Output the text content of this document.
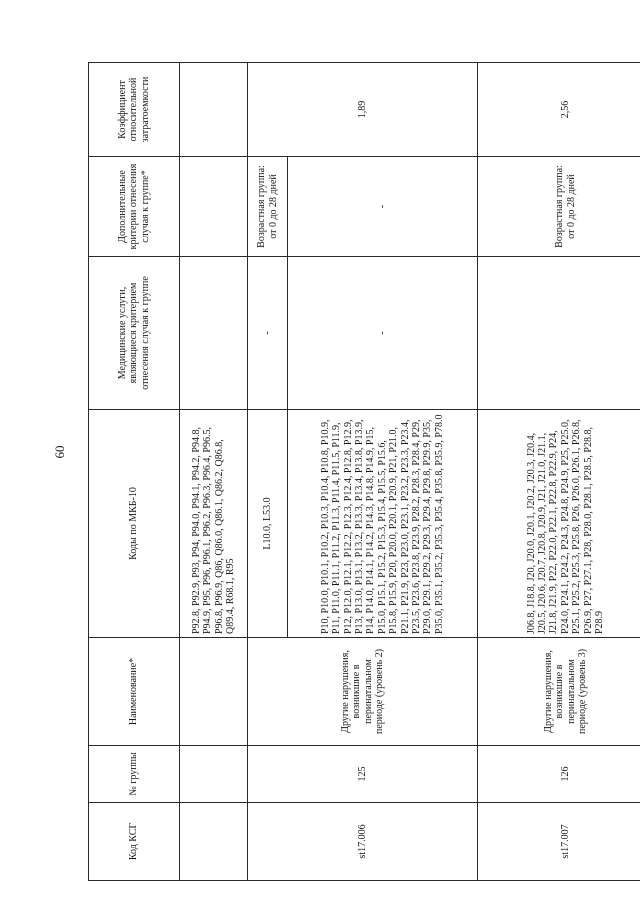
60
Код КСГ	№ группы	Наименование*	Коды по МКБ-10	Медицинские услуги, являющиеся критерием отнесения случая к группе	Дополнительные критерии отнесения случая к группе*	Коэффициент относительной затратоемкости
			P92.8, P92.9, P93, P94, P94.0, P94.1, P94.2, P94.8, P94.9, P95, P96, P96.1, P96.2, P96.3, P96.4, P96.5, P96.8, P96.9, Q86, Q86.0, Q86.1, Q86.2, Q86.8, Q89.4, R68.1, R95			
st17.006	125	Другие нарушения, возникшие в перинатальном периоде (уровень 2)	L10.0, L53.0	-	Возрастная группа: от 0 до 28 дней	1,89
			P10, P10.0, P10.1, P10.2, P10.3, P10.4, P10.8, P10.9, P11, P11.0, P11.1, P11.2, P11.3, P11.4, P11.5, P11.9, P12, P12.0, P12.1, P12.2, P12.3, P12.4, P12.8, P12.9, P13, P13.0, P13.1, P13.2, P13.3, P13.4, P13.8, P13.9, P14, P14.0, P14.1, P14.2, P14.3, P14.8, P14.9, P15, P15.0, P15.1, P15.2, P15.3, P15.4, P15.5, P15.6, P15.8, P15.9, P20, P20.0, P20.1, P20.9, P21, P21.0, P21.1, P21.9, P23, P23.0, P23.1, P23.2, P23.3, P23.4, P23.5, P23.6, P23.8, P23.9, P28.2, P28.3, P28.4, P29, P29.0, P29.1, P29.2, P29.3, P29.4, P29.8, P29.9, P35, P35.0, P35.1, P35.2, P35.3, P35.4, P35.8, P35.9, P78.0	-	-	
st17.007	126	Другие нарушения, возникшие в перинатальном периоде (уровень 3)	J06.8, J18.8, J20, J20.0, J20.1, J20.2, J20.3, J20.4, J20.5, J20.6, J20.7, J20.8, J20.9, J21, J21.0, J21.1, J21.8, J21.9, P22, P22.0, P22.1, P22.8, P22.9, P24, P24.0, P24.1, P24.2, P24.3, P24.8, P24.9, P25, P25.0, P25.1, P25.2, P25.3, P25.8, P26, P26.0, P26.1, P26.8, P26.9, P27, P27.1, P28, P28.0, P28.1, P28.5, P28.8, P28.9		Возрастная группа: от 0 до 28 дней	2,56
